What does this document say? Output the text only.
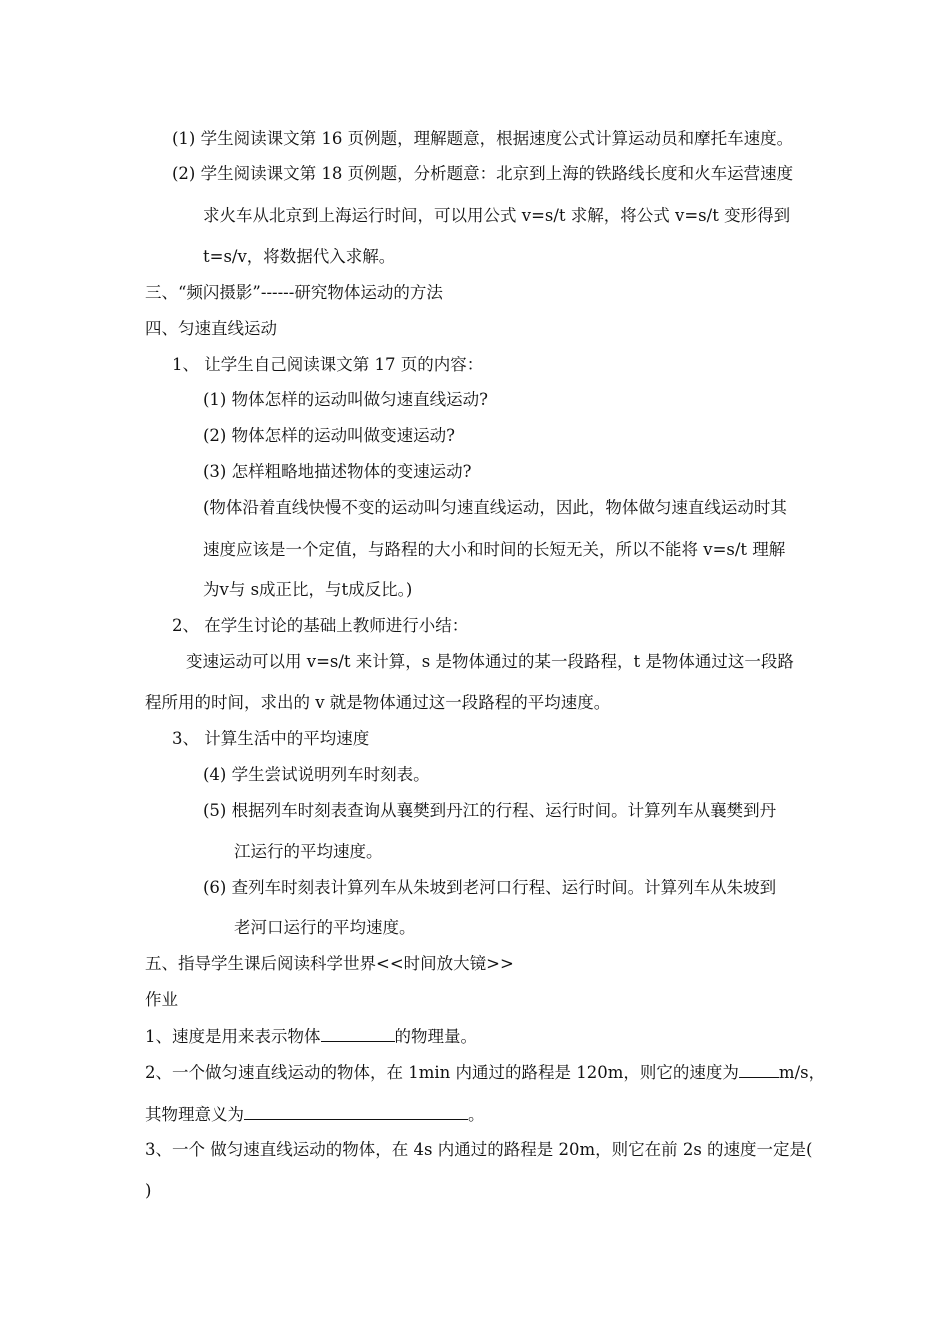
(1) 学生阅读课文第 16 页例题，理解题意，根据速度公式计算运动员和摩托车速度。
(2) 学生阅读课文第 18 页例题，分析题意：北京到上海的铁路线长度和火车运营速度
求火车从北京到上海运行时间，可以用公式 v=s/t 求解，将公式 v=s/t 变形得到
t=s/v，将数据代入求解。
三、“频闪摄影”------研究物体运动的方法
四、匀速直线运动
1、 让学生自己阅读课文第 17 页的内容：
(1) 物体怎样的运动叫做匀速直线运动?
(2) 物体怎样的运动叫做变速运动?
(3) 怎样粗略地描述物体的变速运动?
(物体沿着直线快慢不变的运动叫匀速直线运动，因此，物体做匀速直线运动时其
速度应该是一个定值，与路程的大小和时间的长短无关，所以不能将 v=s/t 理解
为v与 s成正比，与t成反比。)
2、 在学生讨论的基础上教师进行小结：
变速运动可以用 v=s/t 来计算，s 是物体通过的某一段路程，t 是物体通过这一段路
程所用的时间，求出的 v 就是物体通过这一段路程的平均速度。
3、 计算生活中的平均速度
(4) 学生尝试说明列车时刻表。
(5) 根据列车时刻表查询从襄樊到丹江的行程、运行时间。计算列车从襄樊到丹
江运行的平均速度。
(6) 查列车时刻表计算列车从朱坡到老河口行程、运行时间。计算列车从朱坡到
老河口运行的平均速度。
五、指导学生课后阅读科学世界<<时间放大镜>>
作业
1、速度是用来表示物体	的物理量。
2、一个做匀速直线运动的物体，在 1min 内通过的路程是 120m，则它的速度为 m/s，
其物理意义为	。
3、一个 做匀速直线运动的物体，在 4s 内通过的路程是 20m，则它在前 2s 的速度一定是(
)
